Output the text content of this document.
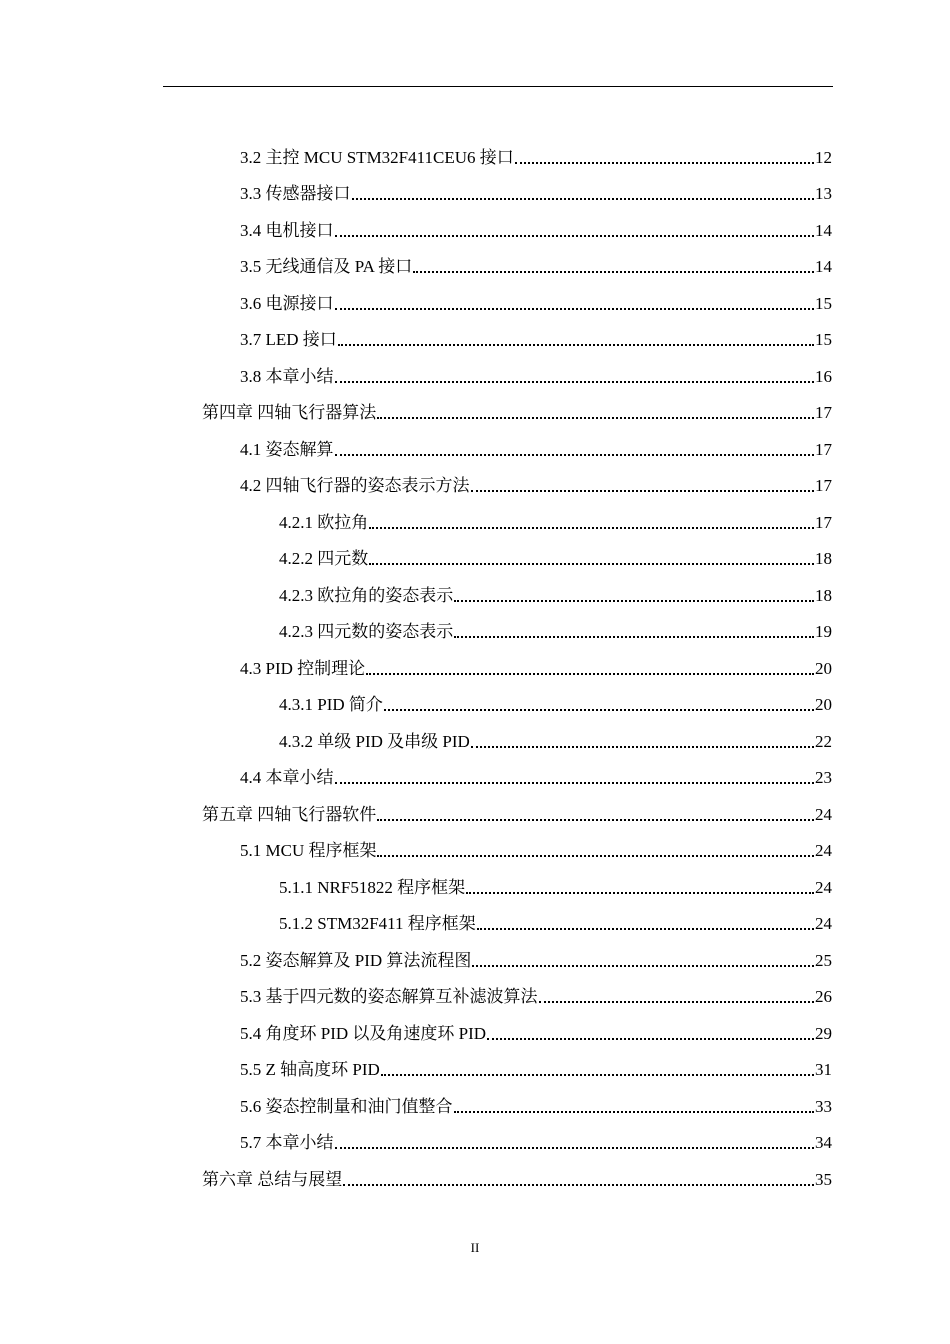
3.2 主控 MCU STM32F411CEU6 接口	12
3.3 传感器接口	13
3.4 电机接口	14
3.5 无线通信及 PA 接口	14
3.6 电源接口	15
3.7 LED 接口	15
3.8 本章小结	16
第四章 四轴飞行器算法	17
4.1 姿态解算	17
4.2 四轴飞行器的姿态表示方法	17
4.2.1 欧拉角	17
4.2.2 四元数	18
4.2.3 欧拉角的姿态表示	18
4.2.3 四元数的姿态表示	19
4.3 PID 控制理论	20
4.3.1 PID 简介	20
4.3.2 单级 PID 及串级 PID	22
4.4 本章小结	23
第五章 四轴飞行器软件	24
5.1 MCU 程序框架	24
5.1.1 NRF51822 程序框架	24
5.1.2 STM32F411 程序框架	24
5.2 姿态解算及 PID 算法流程图	25
5.3 基于四元数的姿态解算互补滤波算法	26
5.4 角度环 PID 以及角速度环 PID	29
5.5 Z 轴高度环 PID	31
5.6 姿态控制量和油门值整合	33
5.7 本章小结	34
第六章 总结与展望	35
II
